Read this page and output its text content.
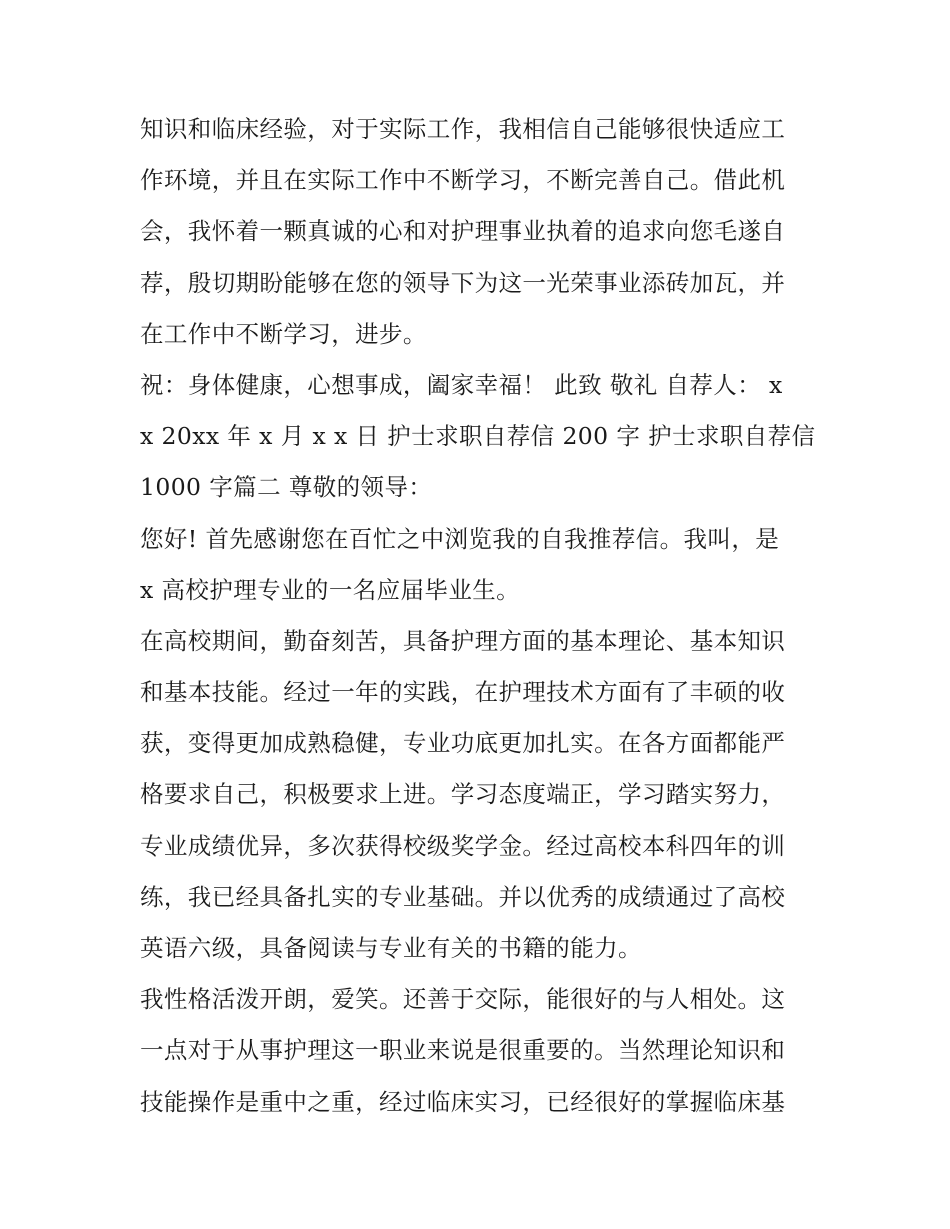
知识和临床经验，对于实际工作，我相信自己能够很快适应工
作环境，并且在实际工作中不断学习，不断完善自己。借此机
会，我怀着一颗真诚的心和对护理事业执着的追求向您毛遂自
荐，殷切期盼能够在您的领导下为这一光荣事业添砖加瓦，并
在工作中不断学习，进步。
祝：身体健康，心想事成，阖家幸福！ 此致 敬礼 自荐人： x
x 20xx 年 x 月 x x 日 护士求职自荐信 200 字 护士求职自荐信
1000 字篇二 尊敬的领导：
您好! 首先感谢您在百忙之中浏览我的自我推荐信。我叫，是
x 高校护理专业的一名应届毕业生。
在高校期间，勤奋刻苦，具备护理方面的基本理论、基本知识
和基本技能。经过一年的实践，在护理技术方面有了丰硕的收
获，变得更加成熟稳健，专业功底更加扎实。在各方面都能严
格要求自己，积极要求上进。学习态度端正，学习踏实努力，
专业成绩优异，多次获得校级奖学金。经过高校本科四年的训
练，我已经具备扎实的专业基础。并以优秀的成绩通过了高校
英语六级，具备阅读与专业有关的书籍的能力。
我性格活泼开朗，爱笑。还善于交际，能很好的与人相处。这
一点对于从事护理这一职业来说是很重要的。当然理论知识和
技能操作是重中之重，经过临床实习，已经很好的掌握临床基
